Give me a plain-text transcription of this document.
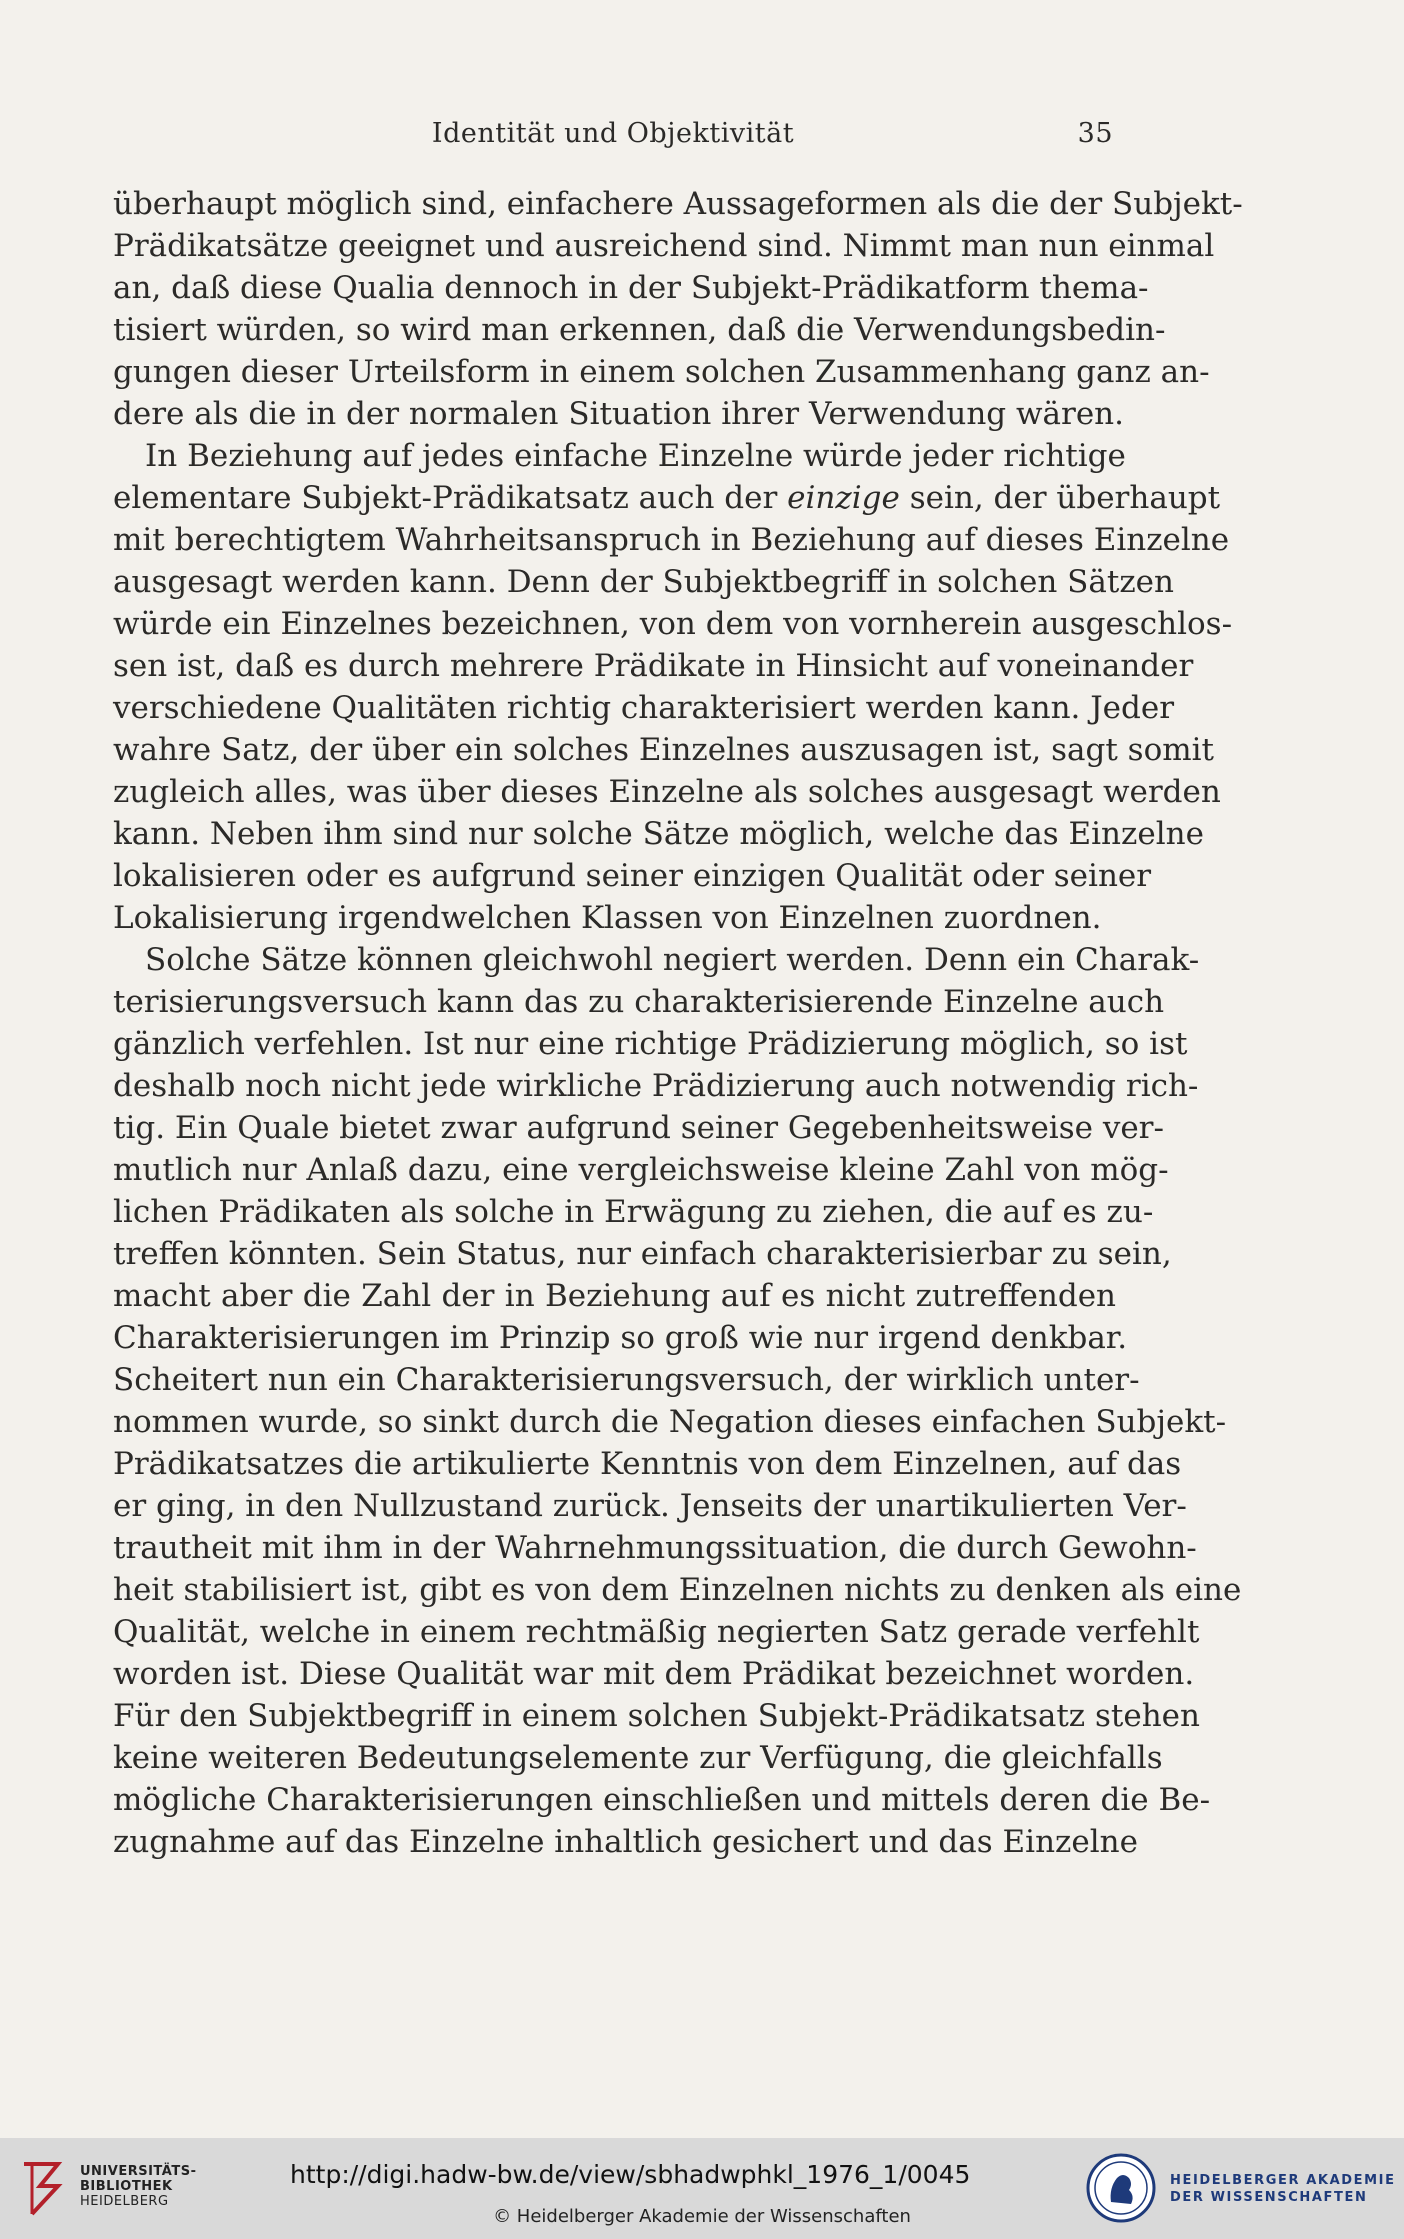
Identität und Objektivität	35
überhaupt möglich sind, einfachere Aussageformen als die der Subjekt-
Prädikatsätze geeignet und ausreichend sind. Nimmt man nun einmal
an, daß diese Qualia dennoch in der Subjekt-Prädikatform thema-
tisiert würden, so wird man erkennen, daß die Verwendungsbedin-
gungen dieser Urteilsform in einem solchen Zusammenhang ganz an-
dere als die in der normalen Situation ihrer Verwendung wären.
In Beziehung auf jedes einfache Einzelne würde jeder richtige
elementare Subjekt-Prädikatsatz auch der einzige sein, der überhaupt
mit berechtigtem Wahrheitsanspruch in Beziehung auf dieses Einzelne
ausgesagt werden kann. Denn der Subjektbegriff in solchen Sätzen
würde ein Einzelnes bezeichnen, von dem von vornherein ausgeschlos-
sen ist, daß es durch mehrere Prädikate in Hinsicht auf voneinander
verschiedene Qualitäten richtig charakterisiert werden kann. Jeder
wahre Satz, der über ein solches Einzelnes auszusagen ist, sagt somit
zugleich alles, was über dieses Einzelne als solches ausgesagt werden
kann. Neben ihm sind nur solche Sätze möglich, welche das Einzelne
lokalisieren oder es aufgrund seiner einzigen Qualität oder seiner
Lokalisierung irgendwelchen Klassen von Einzelnen zuordnen.
Solche Sätze können gleichwohl negiert werden. Denn ein Charak-
terisierungsversuch kann das zu charakterisierende Einzelne auch
gänzlich verfehlen. Ist nur eine richtige Prädizierung möglich, so ist
deshalb noch nicht jede wirkliche Prädizierung auch notwendig rich-
tig. Ein Quale bietet zwar aufgrund seiner Gegebenheitsweise ver-
mutlich nur Anlaß dazu, eine vergleichsweise kleine Zahl von mög-
lichen Prädikaten als solche in Erwägung zu ziehen, die auf es zu-
treffen könnten. Sein Status, nur einfach charakterisierbar zu sein,
macht aber die Zahl der in Beziehung auf es nicht zutreffenden
Charakterisierungen im Prinzip so groß wie nur irgend denkbar.
Scheitert nun ein Charakterisierungsversuch, der wirklich unter-
nommen wurde, so sinkt durch die Negation dieses einfachen Subjekt-
Prädikatsatzes die artikulierte Kenntnis von dem Einzelnen, auf das
er ging, in den Nullzustand zurück. Jenseits der unartikulierten Ver-
trautheit mit ihm in der Wahrnehmungssituation, die durch Gewohn-
heit stabilisiert ist, gibt es von dem Einzelnen nichts zu denken als eine
Qualität, welche in einem rechtmäßig negierten Satz gerade verfehlt
worden ist. Diese Qualität war mit dem Prädikat bezeichnet worden.
Für den Subjektbegriff in einem solchen Subjekt-Prädikatsatz stehen
keine weiteren Bedeutungselemente zur Verfügung, die gleichfalls
mögliche Charakterisierungen einschließen und mittels deren die Be-
zugnahme auf das Einzelne inhaltlich gesichert und das Einzelne
UNIVERSITÄTS-
BIBLIOTHEK
HEIDELBERG
http://digi.hadw-bw.de/view/sbhadwphkl_1976_1/0045
© Heidelberger Akademie der Wissenschaften
HEIDELBERGER AKADEMIE
DER WISSENSCHAFTEN
